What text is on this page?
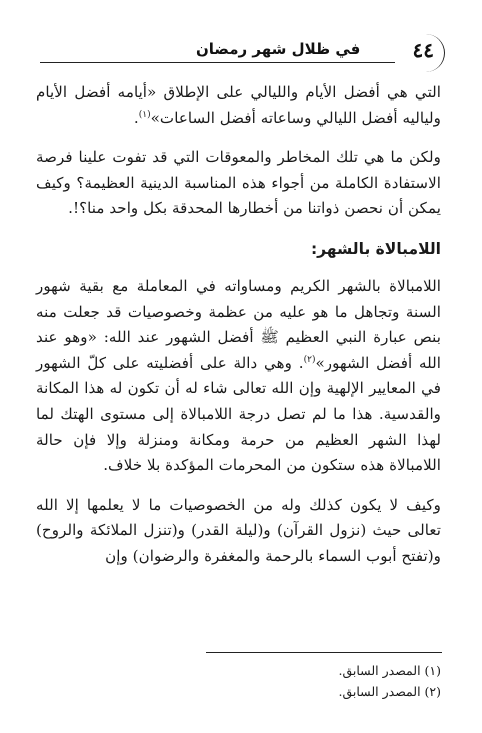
في ظلال شهر رمضان	٤٤

التي هي أفضل الأيام والليالي على الإطلاق «أيامه أفضل الأيام ولياليه أفضل الليالي وساعاته أفضل الساعات»$^{(١)}$.

ولكن ما هي تلك المخاطر والمعوقات التي قد تفوت علينا فرصة الاستفادة الكاملة من أجواء هذه المناسبة الدينية العظيمة؟ وكيف يمكن أن نحصن ذواتنا من أخطارها المحدقة بكل واحد منا؟!.

اللامبالاة بالشهر:

اللامبالاة بالشهر الكريم ومساواته في المعاملة مع بقية شهور السنة وتجاهل ما هو عليه من عظمة وخصوصيات قد جعلت منه بنص عبارة النبي العظيم ﷺ أفضل الشهور عند الله: «وهو عند الله أفضل الشهور»$^{(٢)}$. وهي دالة على أفضليته على كلّ الشهور في المعايير الإلهية وإن الله تعالى شاء له أن تكون له هذا المكانة والقدسية. هذا ما لم تصل درجة اللامبالاة إلى مستوى الهتك لما لهذا الشهر العظيم من حرمة ومكانة ومنزلة وإلا فإن حالة اللامبالاة هذه ستكون من المحرمات المؤكدة بلا خلاف.

وكيف لا يكون كذلك وله من الخصوصيات ما لا يعلمها إلا الله تعالى حيث (نزول القرآن) و(ليلة القدر) و(تنزل الملائكة والروح) و(تفتح أبوب السماء بالرحمة والمغفرة والرضوان) وإن

(١) المصدر السابق.

(٢) المصدر السابق.
